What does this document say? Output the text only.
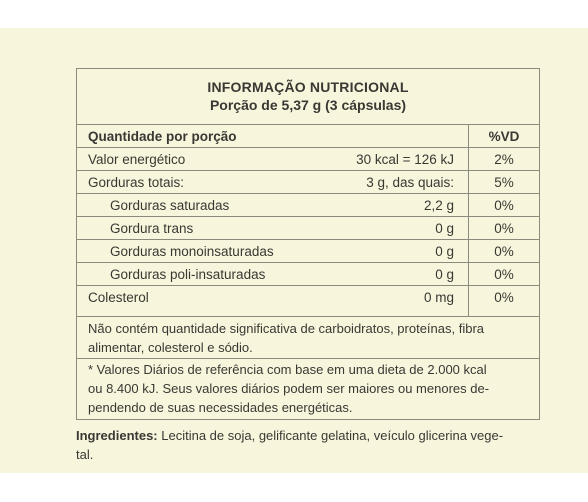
INFORMAÇÃO NUTRICIONAL
Porção de 5,37 g (3 cápsulas)
Quantidade por porção	%VD
Valor energético	30 kcal = 126 kJ	2%
Gorduras totais:	3 g, das quais:	5%
Gorduras saturadas	2,2 g	0%
Gordura trans	0 g	0%
Gorduras monoinsaturadas	0 g	0%
Gorduras poli-insaturadas	0 g	0%
Colesterol	0 mg	0%
Não contém quantidade significativa de carboidratos, proteínas, fibra
alimentar, colesterol e sódio.
* Valores Diários de referência com base em uma dieta de 2.000 kcal
ou 8.400 kJ. Seus valores diários podem ser maiores ou menores de-
pendendo de suas necessidades energéticas.
Ingredientes: Lecitina de soja, gelificante gelatina, veículo glicerina vege-
tal.
